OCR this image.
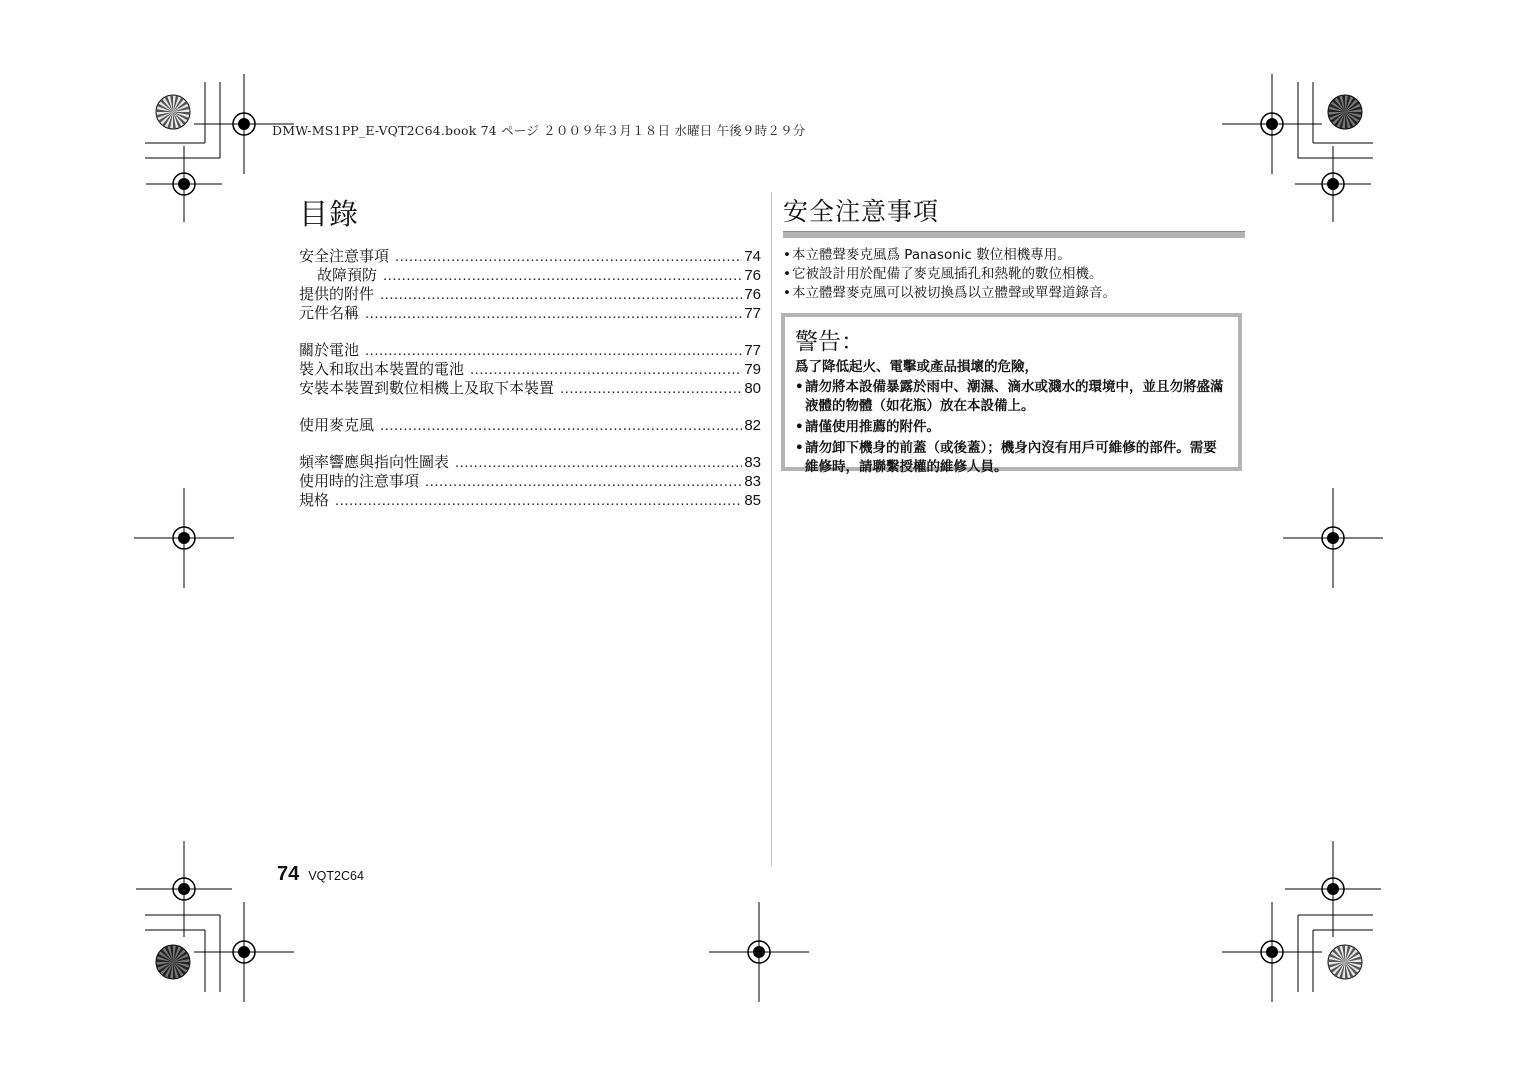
DMW-MS1PP_E-VQT2C64.book 74 ページ ２００９年３月１８日 水曜日 午後９時２９分
目錄
安全注意事項 .....	74
故障預防 .....	76
提供的附件 .....	76
元件名稱 .....	77
關於電池 .....	77
裝入和取出本裝置的電池 .....	79
安裝本裝置到數位相機上及取下本裝置 .....	80
使用麥克風 .....	82
頻率響應與指向性圖表 .....	83
使用時的注意事項 .....	83
規格 .....	85
安全注意事項
• 本立體聲麥克風爲 Panasonic 數位相機專用。
• 它被設計用於配備了麥克風插孔和熱靴的數位相機。
• 本立體聲麥克風可以被切換爲以立體聲或單聲道錄音。
警告：

爲了降低起火、電擊或產品損壞的危險，

• 請勿將本設備暴露於雨中、潮濕、滴水或濺水的環境中，並且勿將盛滿液體的物體（如花瓶）放在本設備上。
• 請僅使用推薦的附件。
• 請勿卸下機身的前蓋（或後蓋）；機身內沒有用戶可維修的部件。需要維修時，請聯繫授權的維修人員。
74 VQT2C64
